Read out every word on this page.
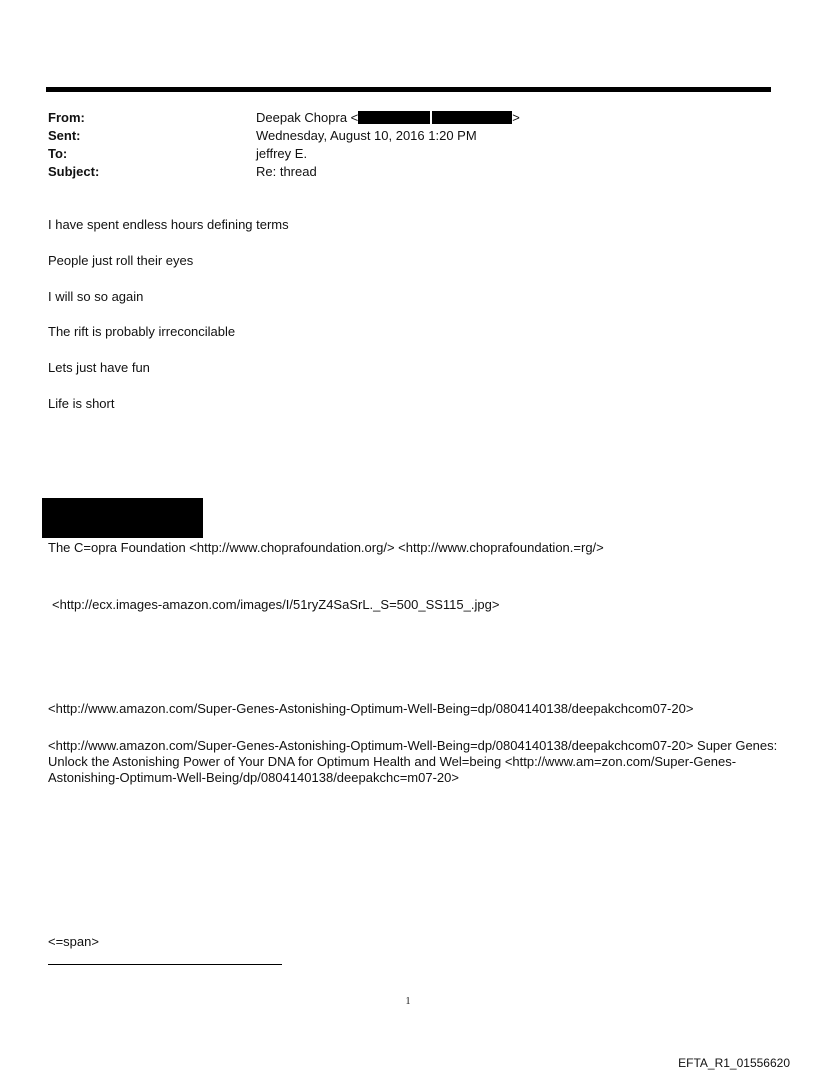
From:	Deepak Chopra <	>
Sent:	Wednesday, August 10, 2016 1:20 PM
To:	jeffrey E.
Subject:	Re: thread
I have spent endless hours defining terms
People just roll their eyes
I will so so again
The rift is probably irreconcilable
Lets just have fun
Life is short
The C=opra Foundation <http://www.choprafoundation.org/> <http://www.choprafoundation.=rg/>
<http://ecx.images-amazon.com/images/I/51ryZ4SaSrL._S=500_SS115_.jpg>
<http://www.amazon.com/Super-Genes-Astonishing-Optimum-Well-Being=dp/0804140138/deepakchcom07-20>
<http://www.amazon.com/Super-Genes-Astonishing-Optimum-Well-Being=dp/0804140138/deepakchcom07-20> Super Genes: Unlock the Astonishing Power of Your DNA for Optimum Health and Wel=being <http://www.am=zon.com/Super-Genes-Astonishing-Optimum-Well-Being/dp/0804140138/deepakchc=m07-20>
<=span>
1
EFTA_R1_01556620
